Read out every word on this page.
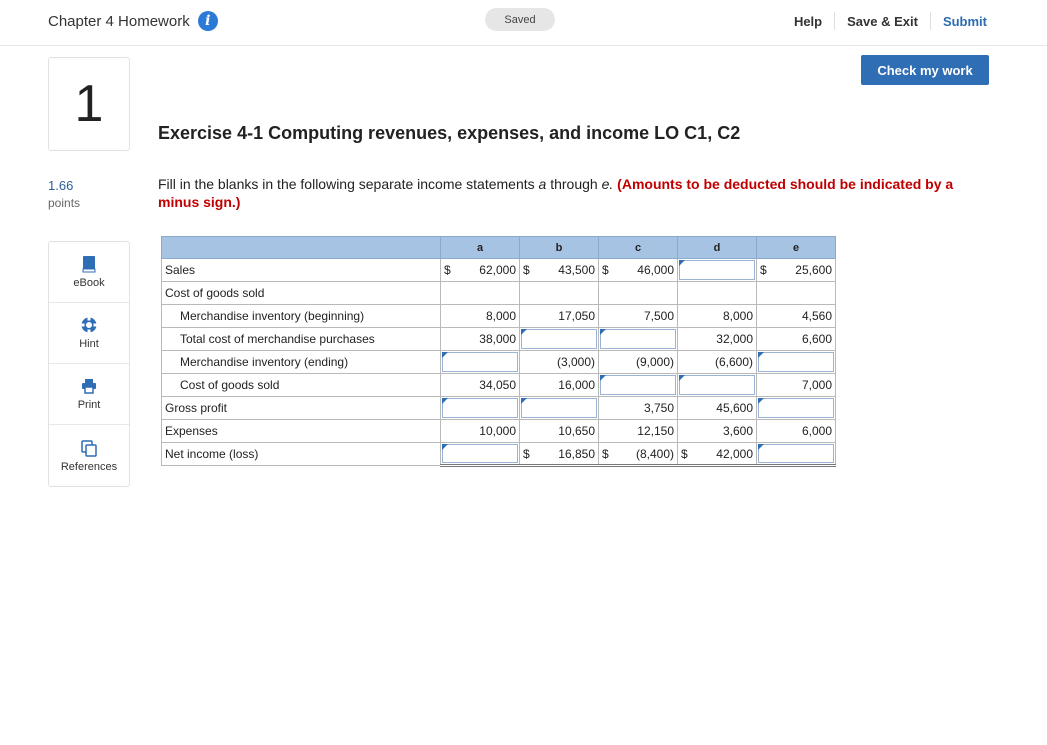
Chapter 4 Homework	i	Saved	Help	Save & Exit	Submit
Check my work
1
1.66
points
eBook
Hint
Print
References
Exercise 4-1 Computing revenues, expenses, and income LO C1, C2
Fill in the blanks in the following separate income statements a through e. (Amounts to be deducted should be indicated by a minus sign.)
	a	b	c	d	e
Sales	$ 62,000	$ 43,500	$ 46,000		$ 25,600

Cost of goods sold					
Merchandise inventory (beginning)	8,000	17,050	7,500	8,000	4,560

Total cost of merchandise purchases	38,000			32,000	6,600

Merchandise inventory (ending)		(3,000)	(9,000)	(6,600)	

Cost of goods sold	34,050	16,000			7,000

Gross profit			3,750	45,600	

Expenses	10,000	10,650	12,150	3,600	6,000

Net income (loss)		$ 16,850	$ (8,400)	$ 42,000	
